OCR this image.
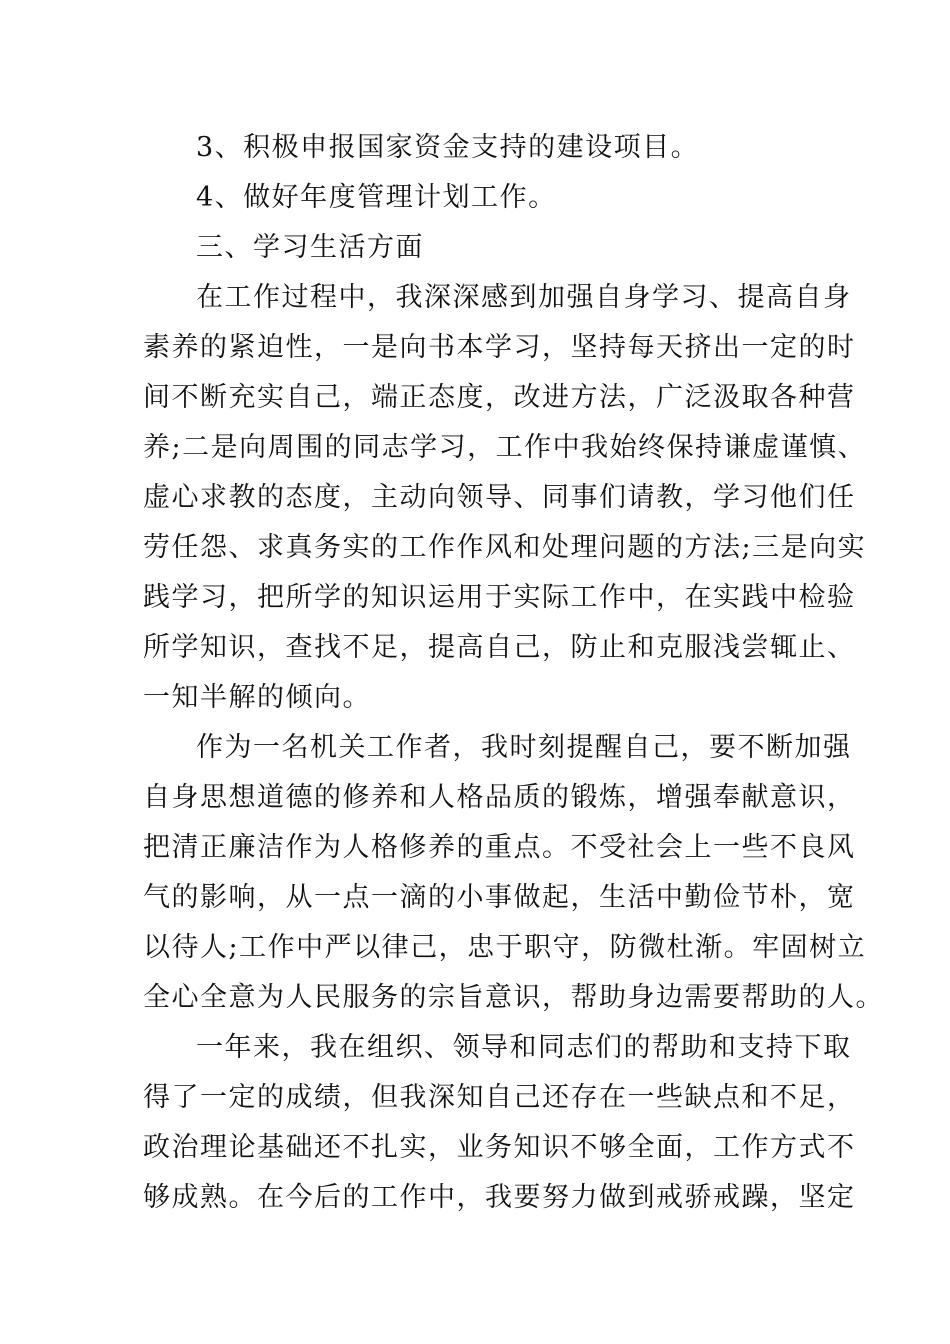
3、积极申报国家资金支持的建设项目。
4、做好年度管理计划工作。
三、学习生活方面
在工作过程中，我深深感到加强自身学习、提高自身
素养的紧迫性，一是向书本学习，坚持每天挤出一定的时
间不断充实自己，端正态度，改进方法，广泛汲取各种营
养;二是向周围的同志学习，工作中我始终保持谦虚谨慎、
虚心求教的态度，主动向领导、同事们请教，学习他们任
劳任怨、求真务实的工作作风和处理问题的方法;三是向实
践学习，把所学的知识运用于实际工作中，在实践中检验
所学知识，查找不足，提高自己，防止和克服浅尝辄止、
一知半解的倾向。
作为一名机关工作者，我时刻提醒自己，要不断加强
自身思想道德的修养和人格品质的锻炼，增强奉献意识，
把清正廉洁作为人格修养的重点。不受社会上一些不良风
气的影响，从一点一滴的小事做起，生活中勤俭节朴，宽
以待人;工作中严以律己，忠于职守，防微杜渐。牢固树立
全心全意为人民服务的宗旨意识，帮助身边需要帮助的人。
一年来，我在组织、领导和同志们的帮助和支持下取
得了一定的成绩，但我深知自己还存在一些缺点和不足，
政治理论基础还不扎实，业务知识不够全面，工作方式不
够成熟。在今后的工作中，我要努力做到戒骄戒躁，坚定
